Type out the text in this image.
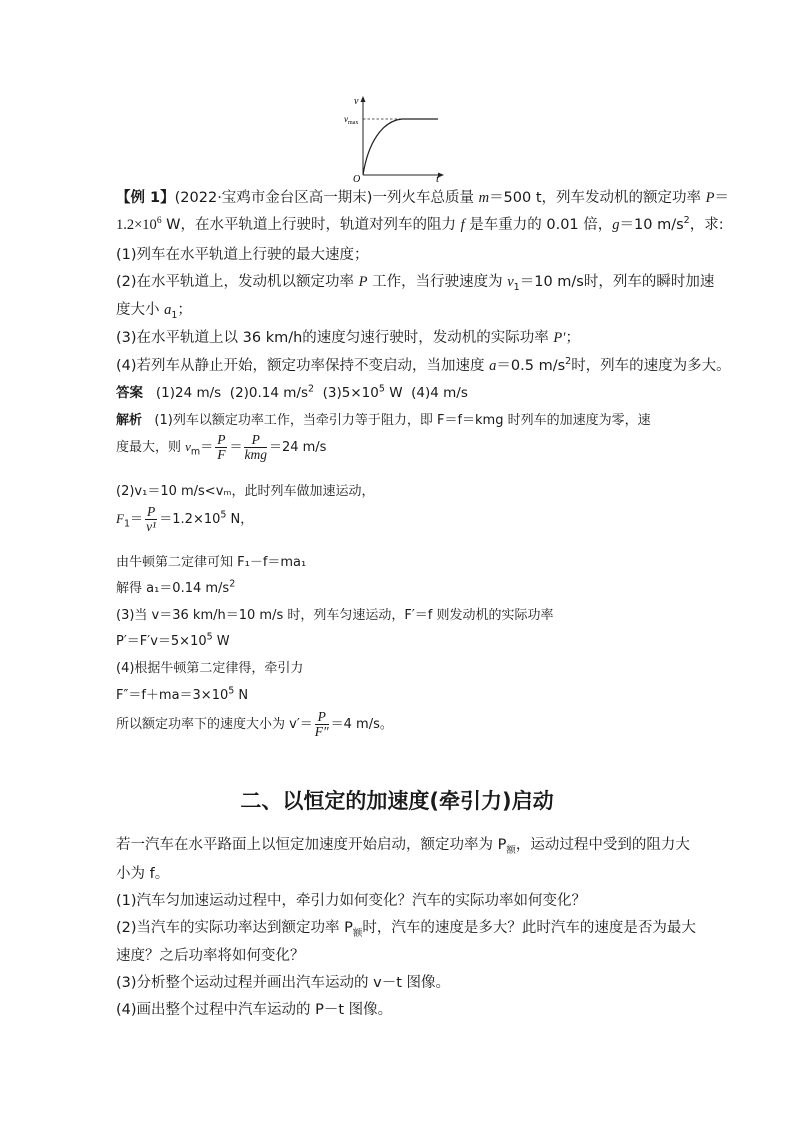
v
$v_{max}$
O	t
【例 1】(2022·宝鸡市金台区高一期末)一列火车总质量 m＝500 t，列车发动机的额定功率 P＝
$1.2\times 10^6$ W，在水平轨道上行驶时，轨道对列车的阻力 f 是车重力的 0.01 倍，g＝10 $m/s^2$，求:
(1)列车在水平轨道上行驶的最大速度；
(2)在水平轨道上，发动机以额定功率 P 工作，当行驶速度为 $v_1=10$ m/s时，列车的瞬时加速
度大小 $a_1$；
(3)在水平轨道上以 36 km/h的速度匀速行驶时，发动机的实际功率 P′；
(4)若列车从静止开始，额定功率保持不变启动，当加速度 a＝0.5 $m/s^2$时，列车的速度为多大。
答案 (1)24 m/s (2)0.14 $m/s^2$ $(3)5\times 10^5$ W (4)4 m/s
解析 (1)列车以额定功率工作，当牵引力等于阻力，即 F＝f＝kmg 时列车的加速度为零，速
度最大，则 $v_m= \frac{P}{F} = \frac{P}{\text{kmg}} =24$ m/s
(2)v₁＝10 m/s<vₘ，此时列车做加速运动，
$F_1= \frac{P}{\text{v¹}} =1.2\times 10^5$ N，
由牛顿第二定律可知 F₁－f＝ma₁
解得 a₁＝0.14 $m/s^2$
(3)当 v＝36 km/h＝10 m/s 时，列车匀速运动，F′＝f 则发动机的实际功率
$P'=F'v=5\times 10^5$ W
(4)根据牛顿第二定律得，牵引力
$F''=f+ma=3\times 10^5$ N
所以额定功率下的速度大小为 $v'= \frac{P}{F''} =4$ m/s。
二、以恒定的加速度(牵引力)启动
若一汽车在水平路面上以恒定加速度开始启动，额定功率为 $P_额$，运动过程中受到的阻力大
小为 f。
(1)汽车匀加速运动过程中，牵引力如何变化？汽车的实际功率如何变化？
(2)当汽车的实际功率达到额定功率 $P_额$时，汽车的速度是多大？此时汽车的速度是否为最大
速度？之后功率将如何变化？
(3)分析整个运动过程并画出汽车运动的 v－t 图像。
(4)画出整个过程中汽车运动的 P－t 图像。
